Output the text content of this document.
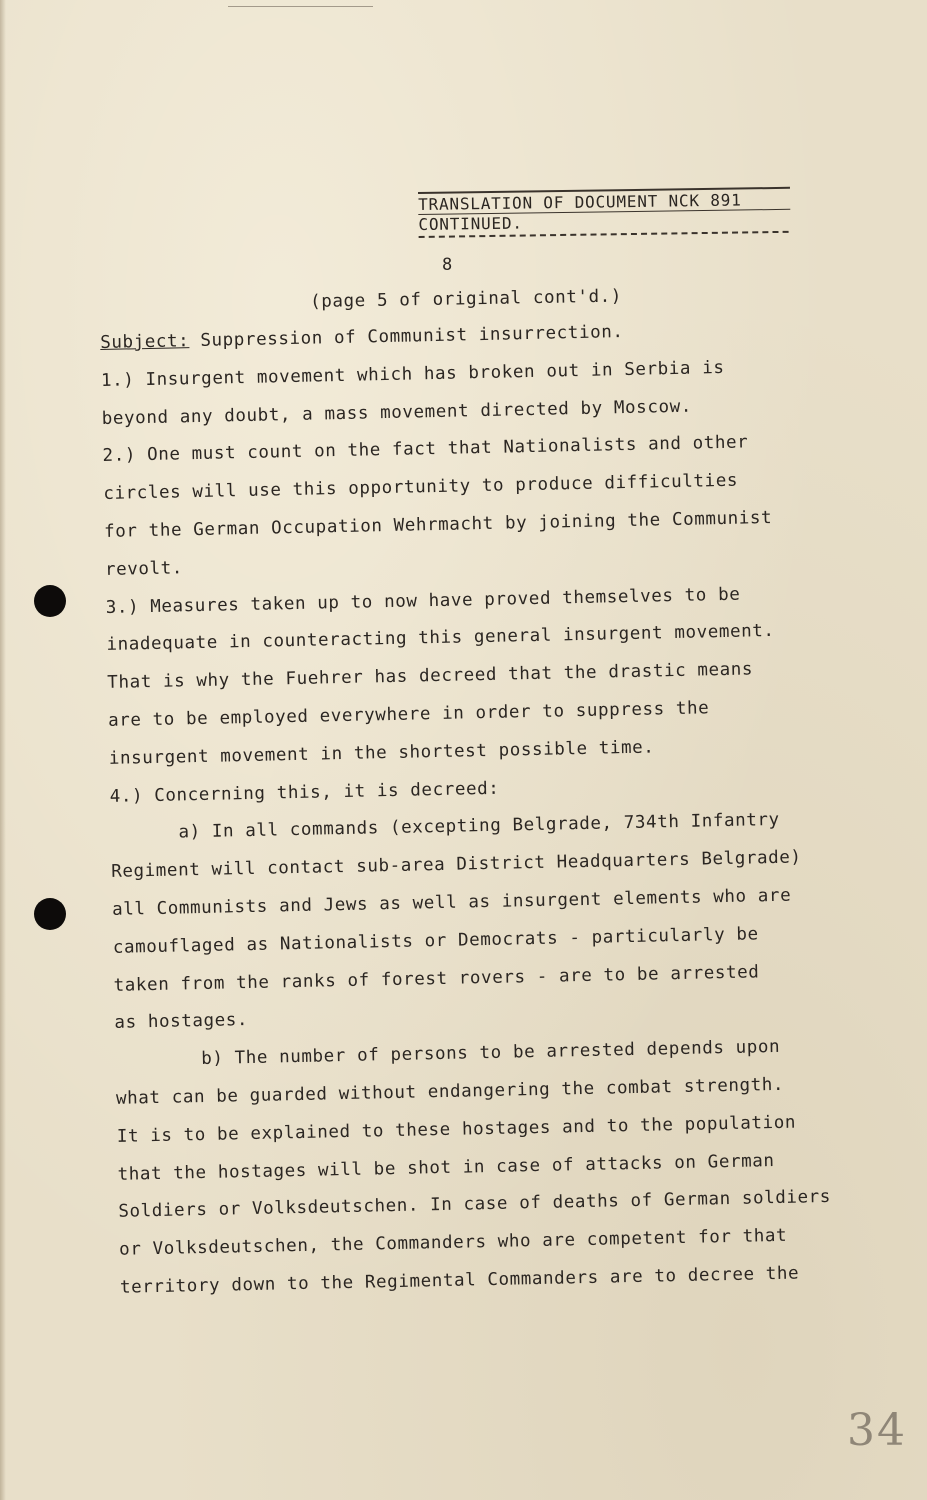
TRANSLATION OF DOCUMENT NCK 891
CONTINUED.
8
(page 5 of original cont'd.)
Subject: Suppression of Communist insurrection.
1.) Insurgent movement which has broken out in Serbia is
beyond any doubt, a mass movement directed by Moscow.
2.) One must count on the fact that Nationalists and other
circles will use this opportunity to produce difficulties
for the German Occupation Wehrmacht by joining the Communist
revolt.
3.) Measures taken up to now have proved themselves to be
inadequate in counteracting this general insurgent movement.
That is why the Fuehrer has decreed that the drastic means
are to be employed everywhere in order to suppress the
insurgent movement in the shortest possible time.
4.) Concerning this, it is decreed:
a) In all commands (excepting Belgrade, 734th Infantry
Regiment will contact sub-area District Headquarters Belgrade)
all Communists and Jews as well as insurgent elements who are
camouflaged as Nationalists or Democrats - particularly be
taken from the ranks of forest rovers - are to be arrested
as hostages.
b) The number of persons to be arrested depends upon
what can be guarded without endangering the combat strength.
It is to be explained to these hostages and to the population
that the hostages will be shot in case of attacks on German
Soldiers or Volksdeutschen. In case of deaths of German soldiers
or Volksdeutschen, the Commanders who are competent for that
territory down to the Regimental Commanders are to decree the
34
